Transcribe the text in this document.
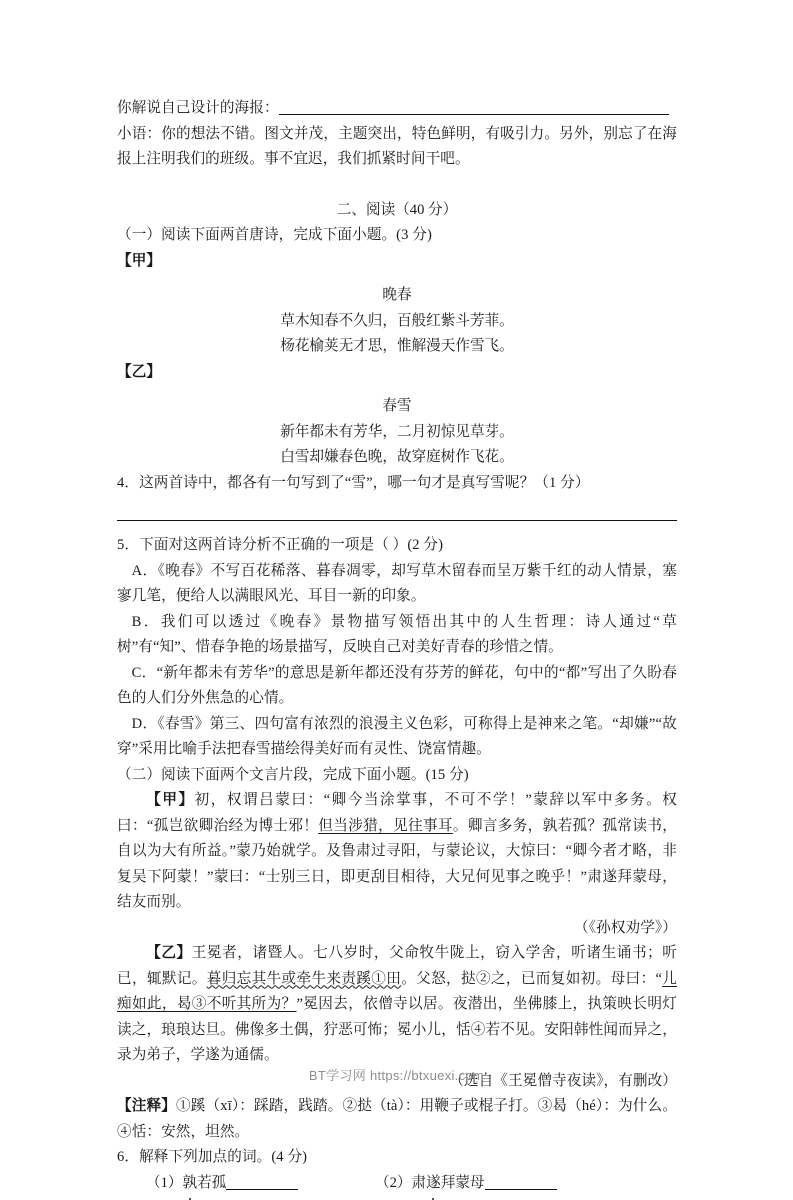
你解说自己设计的海报：
小语：你的想法不错。图文并茂，主题突出，特色鲜明，有吸引力。另外，别忘了在海报上注明我们的班级。事不宜迟，我们抓紧时间干吧。
二、阅读（40 分）
（一）阅读下面两首唐诗，完成下面小题。(3 分)
【甲】
晚春
草木知春不久归，百般红紫斗芳菲。
杨花榆荚无才思，惟解漫天作雪飞。
【乙】
春雪
新年都未有芳华，二月初惊见草芽。
白雪却嫌春色晚，故穿庭树作飞花。
4．这两首诗中，都各有一句写到了“雪”，哪一句才是真写雪呢？（1 分）
5．下面对这两首诗分析不正确的一项是（ ）(2 分)
A．《晚春》不写百花稀落、暮春凋零，却写草木留春而呈万紫千红的动人情景，塞寥几笔，便给人以满眼风光、耳目一新的印象。
B．我们可以透过《晚春》景物描写领悟出其中的人生哲理：诗人通过“草树”有“知”、惜春争艳的场景描写，反映自己对美好青春的珍惜之情。
C．“新年都未有芳华”的意思是新年都还没有芬芳的鲜花，句中的“都”写出了久盼春色的人们分外焦急的心情。
D．《春雪》第三、四句富有浓烈的浪漫主义色彩，可称得上是神来之笔。“却嫌”“故穿”采用比喻手法把春雪描绘得美好而有灵性、饶富情趣。
（二）阅读下面两个文言片段，完成下面小题。(15 分)
【甲】初，权谓吕蒙曰：“卿今当涂掌事，不可不学！”蒙辞以军中多务。权曰：“孤岂欲卿治经为博士邪！但当涉猎，见往事耳。卿言多务，孰若孤？孤常读书，自以为大有所益。”蒙乃始就学。及鲁肃过寻阳，与蒙论议，大惊曰：“卿今者才略，非复吴下阿蒙！”蒙曰：“士别三日，即更刮目相待，大兄何见事之晚乎！”肃遂拜蒙母，结友而别。
（《孙权劝学》）
【乙】王冕者，诸暨人。七八岁时，父命牧牛陇上，窃入学舍，听诸生诵书；听已，辄默记。暮归忘其牛或牵牛来责蹊①田。父怒，挞②之，已而复如初。母曰：“儿痴如此，曷③不听其所为？”冕因去，依僧寺以居。夜潜出，坐佛膝上，执策映长明灯读之，琅琅达旦。佛像多土偶，狞恶可怖；冕小儿，恬④若不见。安阳韩性闻而异之，录为弟子，学遂为通儒。
（选自《王冕僧寺夜读》，有删改）
【注释】①蹊（xī）：踩踏，践踏。②挞（tà）：用鞭子或棍子打。③曷（hé）：为什么。④恬：安然，坦然。
6．解释下列加点的词。(4 分)
（1）孰若孤	（2）肃遂拜蒙母
BT学习网 https://btxuexi.com
